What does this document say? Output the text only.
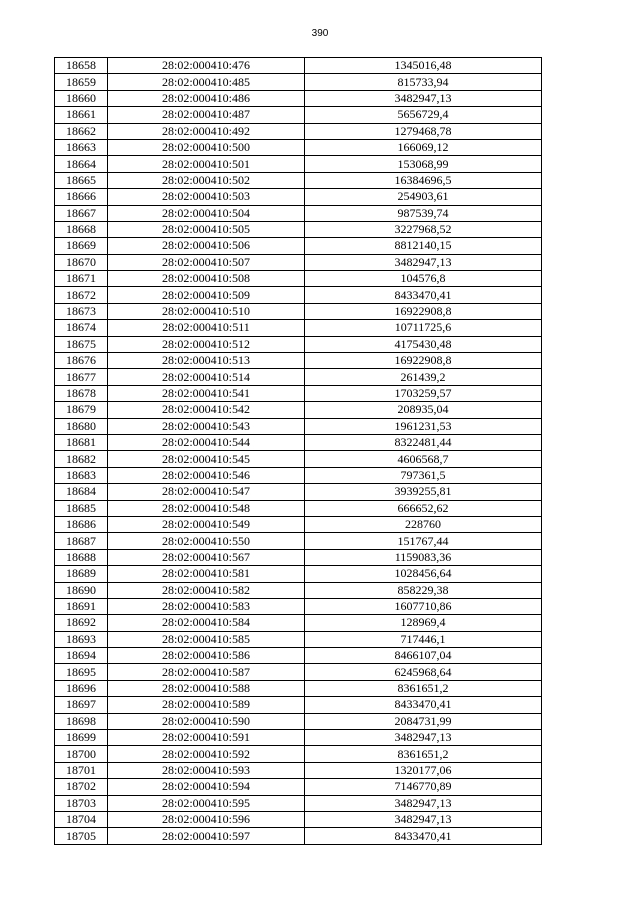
390
18658	28:02:000410:476	1345016,48
18659	28:02:000410:485	815733,94
18660	28:02:000410:486	3482947,13
18661	28:02:000410:487	5656729,4
18662	28:02:000410:492	1279468,78
18663	28:02:000410:500	166069,12
18664	28:02:000410:501	153068,99
18665	28:02:000410:502	16384696,5
18666	28:02:000410:503	254903,61
18667	28:02:000410:504	987539,74
18668	28:02:000410:505	3227968,52
18669	28:02:000410:506	8812140,15
18670	28:02:000410:507	3482947,13
18671	28:02:000410:508	104576,8
18672	28:02:000410:509	8433470,41
18673	28:02:000410:510	16922908,8
18674	28:02:000410:511	10711725,6
18675	28:02:000410:512	4175430,48
18676	28:02:000410:513	16922908,8
18677	28:02:000410:514	261439,2
18678	28:02:000410:541	1703259,57
18679	28:02:000410:542	208935,04
18680	28:02:000410:543	1961231,53
18681	28:02:000410:544	8322481,44
18682	28:02:000410:545	4606568,7
18683	28:02:000410:546	797361,5
18684	28:02:000410:547	3939255,81
18685	28:02:000410:548	666652,62
18686	28:02:000410:549	228760
18687	28:02:000410:550	151767,44
18688	28:02:000410:567	1159083,36
18689	28:02:000410:581	1028456,64
18690	28:02:000410:582	858229,38
18691	28:02:000410:583	1607710,86
18692	28:02:000410:584	128969,4
18693	28:02:000410:585	717446,1
18694	28:02:000410:586	8466107,04
18695	28:02:000410:587	6245968,64
18696	28:02:000410:588	8361651,2
18697	28:02:000410:589	8433470,41
18698	28:02:000410:590	2084731,99
18699	28:02:000410:591	3482947,13
18700	28:02:000410:592	8361651,2
18701	28:02:000410:593	1320177,06
18702	28:02:000410:594	7146770,89
18703	28:02:000410:595	3482947,13
18704	28:02:000410:596	3482947,13
18705	28:02:000410:597	8433470,41
